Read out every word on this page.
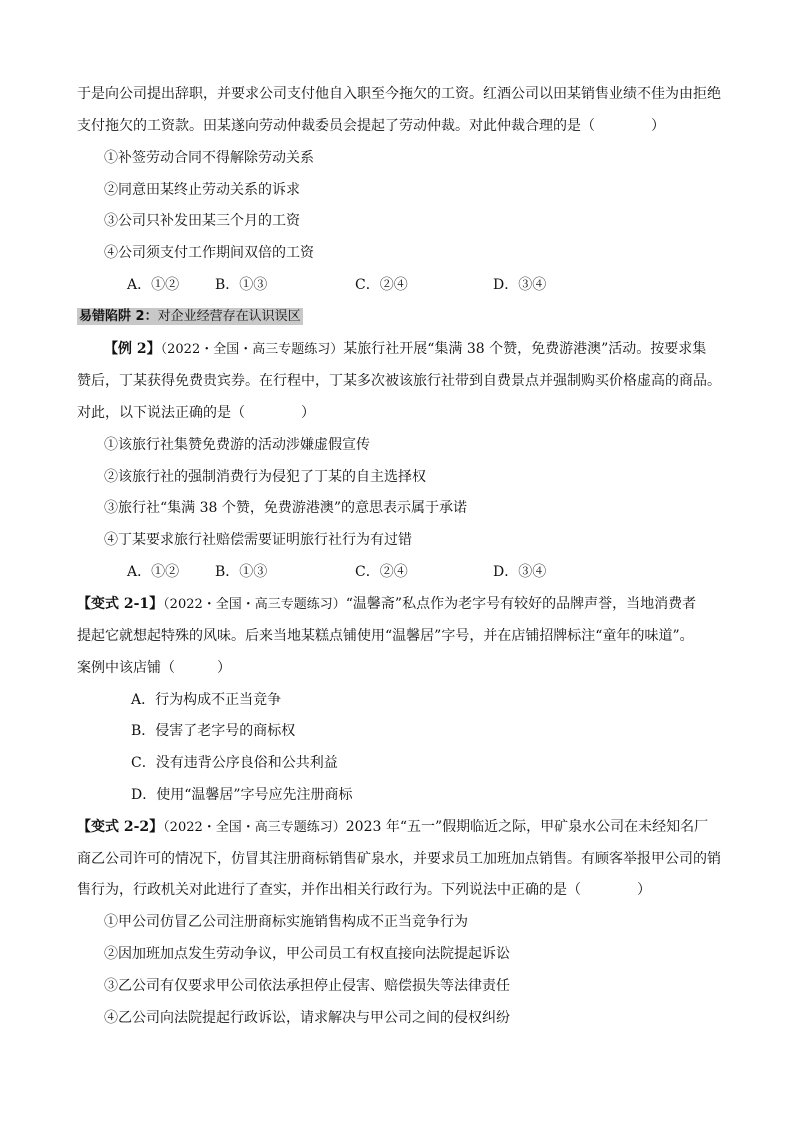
于是向公司提出辞职，并要求公司支付他自入职至今拖欠的工资。红酒公司以田某销售业绩不佳为由拒绝
支付拖欠的工资款。田某遂向劳动仲裁委员会提起了劳动仲裁。对此仲裁合理的是（　　　　）
①补签劳动合同不得解除劳动关系
②同意田某终止劳动关系的诉求
③公司只补发田某三个月的工资
④公司须支付工作期间双倍的工资
A．①②	B．①③	C．②④	D．③④
易错陷阱 2：对企业经营存在认识误区
【例 2】（2022・全国・高三专题练习）某旅行社开展“集满 38 个赞，免费游港澳”活动。按要求集
赞后，丁某获得免费贵宾券。在行程中，丁某多次被该旅行社带到自费景点并强制购买价格虚高的商品。
对此，以下说法正确的是（　　　　）
①该旅行社集赞免费游的活动涉嫌虚假宣传
②该旅行社的强制消费行为侵犯了丁某的自主选择权
③旅行社“集满 38 个赞，免费游港澳”的意思表示属于承诺
④丁某要求旅行社赔偿需要证明旅行社行为有过错
A．①②	B．①③	C．②④	D．③④
【变式 2-1】（2022・全国・高三专题练习）“温馨斋”私点作为老字号有较好的品牌声誉，当地消费者
提起它就想起特殊的风味。后来当地某糕点铺使用“温馨居”字号，并在店铺招牌标注“童年的味道”。
案例中该店铺（　　　）
A．行为构成不正当竞争
B．侵害了老字号的商标权
C．没有违背公序良俗和公共利益
D．使用“温馨居”字号应先注册商标
【变式 2-2】（2022・全国・高三专题练习）2023 年“五一”假期临近之际，甲矿泉水公司在未经知名厂
商乙公司许可的情况下，仿冒其注册商标销售矿泉水，并要求员工加班加点销售。有顾客举报甲公司的销
售行为，行政机关对此进行了查实，并作出相关行政行为。下列说法中正确的是（　　　　）
①甲公司仿冒乙公司注册商标实施销售构成不正当竞争行为
②因加班加点发生劳动争议，甲公司员工有权直接向法院提起诉讼
③乙公司有仅要求甲公司依法承担停止侵害、赔偿损失等法律责任
④乙公司向法院提起行政诉讼，请求解决与甲公司之间的侵权纠纷
